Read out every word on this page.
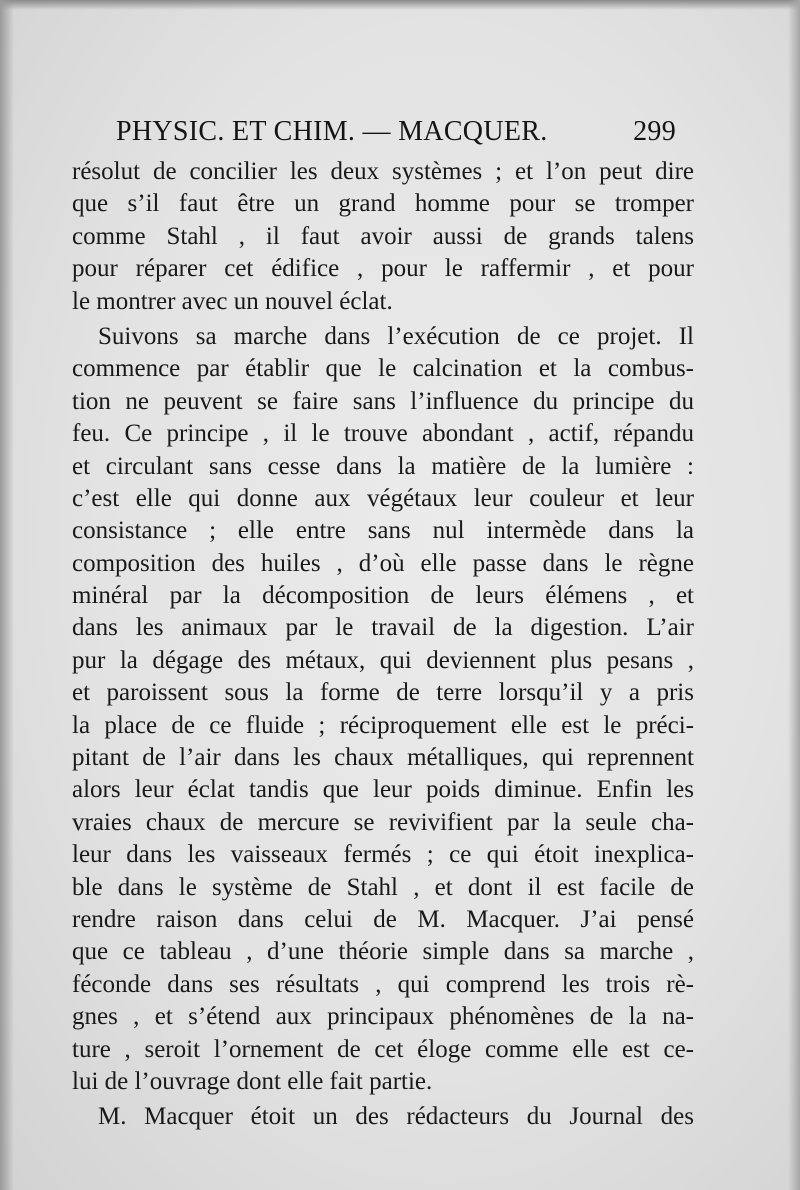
PHYSIC. ET CHIM. — MACQUER.	299
résolut de concilier les deux systèmes ; et l’on peut dire
que s’il faut être un grand homme pour se tromper
comme Stahl , il faut avoir aussi de grands talens
pour réparer cet édifice , pour le raffermir , et pour
le montrer avec un nouvel éclat.
Suivons sa marche dans l’exécution de ce projet. Il
commence par établir que le calcination et la combus-
tion ne peuvent se faire sans l’influence du principe du
feu. Ce principe , il le trouve abondant , actif, répandu
et circulant sans cesse dans la matière de la lumière :
c’est elle qui donne aux végétaux leur couleur et leur
consistance ; elle entre sans nul intermède dans la
composition des huiles , d’où elle passe dans le règne
minéral par la décomposition de leurs élémens , et
dans les animaux par le travail de la digestion. L’air
pur la dégage des métaux, qui deviennent plus pesans ,
et paroissent sous la forme de terre lorsqu’il y a pris
la place de ce fluide ; réciproquement elle est le préci-
pitant de l’air dans les chaux métalliques, qui reprennent
alors leur éclat tandis que leur poids diminue. Enfin les
vraies chaux de mercure se revivifient par la seule cha-
leur dans les vaisseaux fermés ; ce qui étoit inexplica-
ble dans le système de Stahl , et dont il est facile de
rendre raison dans celui de M. Macquer. J’ai pensé
que ce tableau , d’une théorie simple dans sa marche ,
féconde dans ses résultats , qui comprend les trois rè-
gnes , et s’étend aux principaux phénomènes de la na-
ture , seroit l’ornement de cet éloge comme elle est ce-
lui de l’ouvrage dont elle fait partie.
M. Macquer étoit un des rédacteurs du Journal des
